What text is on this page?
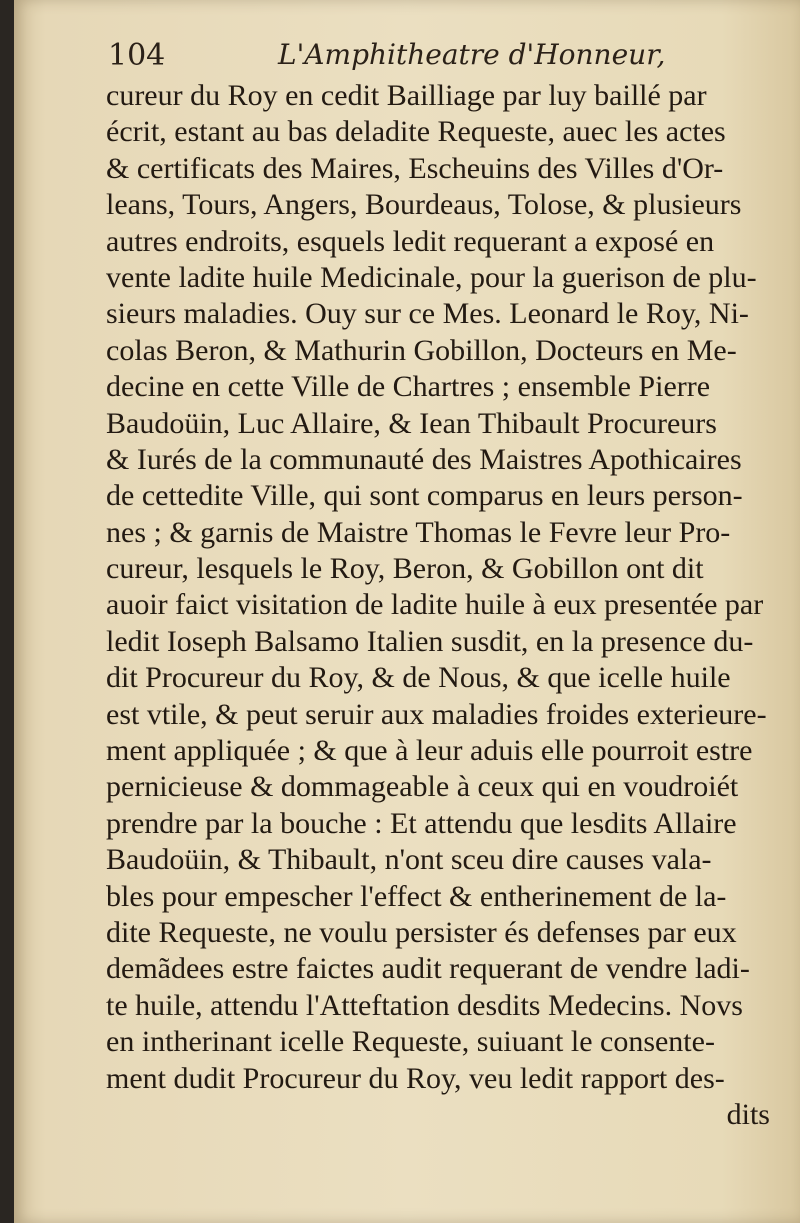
104	L'Amphitheatre d'Honneur,
cureur du Roy en cedit Bailliage par luy baillé par
écrit, estant au bas deladite Requeste, auec les actes
& certificats des Maires, Escheuins des Villes d'Or-
leans, Tours, Angers, Bourdeaus, Tolose, & plusieurs
autres endroits, esquels ledit requerant a exposé en
vente ladite huile Medicinale, pour la guerison de plu-
sieurs maladies. Ouy sur ce Mes. Leonard le Roy, Ni-
colas Beron, & Mathurin Gobillon, Docteurs en Me-
decine en cette Ville de Chartres ; ensemble Pierre
Baudoüin, Luc Allaire, & Iean Thibault Procureurs
& Iurés de la communauté des Maistres Apothicaires
de cettedite Ville, qui sont comparus en leurs person-
nes ; & garnis de Maistre Thomas le Fevre leur Pro-
cureur, lesquels le Roy, Beron, & Gobillon ont dit
auoir faict visitation de ladite huile à eux presentée par
ledit Ioseph Balsamo Italien susdit, en la presence du-
dit Procureur du Roy, & de Nous, & que icelle huile
est vtile, & peut seruir aux maladies froides exterieure-
ment appliquée ; & que à leur aduis elle pourroit estre
pernicieuse & dommageable à ceux qui en voudroiét
prendre par la bouche : Et attendu que lesdits Allaire
Baudoüin, & Thibault, n'ont sceu dire causes vala-
bles pour empescher l'effect & entherinement de la-
dite Requeste, ne voulu persister és defenses par eux
demãdees estre faictes audit requerant de vendre ladi-
te huile, attendu l'Atteftation desdits Medecins. Novs
en intherinant icelle Requeste, suiuant le consente-
ment dudit Procureur du Roy, veu ledit rapport des-
dits
